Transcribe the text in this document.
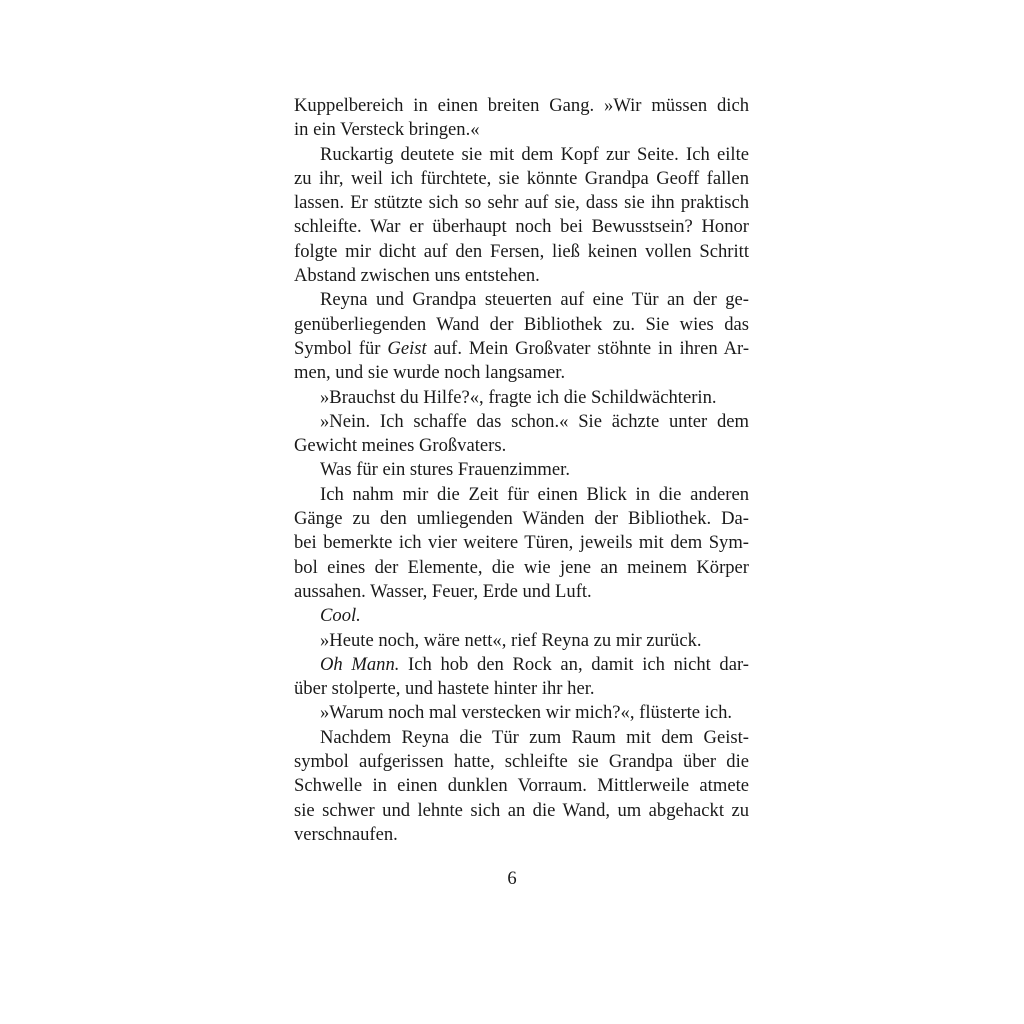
Kuppelbereich in einen breiten Gang. »Wir müssen dich
in ein Versteck bringen.«
Ruckartig deutete sie mit dem Kopf zur Seite. Ich eilte
zu ihr, weil ich fürchtete, sie könnte Grandpa Geoff fallen
lassen. Er stützte sich so sehr auf sie, dass sie ihn praktisch
schleifte. War er überhaupt noch bei Bewusstsein? Honor
folgte mir dicht auf den Fersen, ließ keinen vollen Schritt
Abstand zwischen uns entstehen.
Reyna und Grandpa steuerten auf eine Tür an der ge-
genüberliegenden Wand der Bibliothek zu. Sie wies das
Symbol für Geist auf. Mein Großvater stöhnte in ihren Ar-
men, und sie wurde noch langsamer.
»Brauchst du Hilfe?«, fragte ich die Schildwächterin.
»Nein. Ich schaffe das schon.« Sie ächzte unter dem
Gewicht meines Großvaters.
Was für ein stures Frauenzimmer.
Ich nahm mir die Zeit für einen Blick in die anderen
Gänge zu den umliegenden Wänden der Bibliothek. Da-
bei bemerkte ich vier weitere Türen, jeweils mit dem Sym-
bol eines der Elemente, die wie jene an meinem Körper
aussahen. Wasser, Feuer, Erde und Luft.
Cool.
»Heute noch, wäre nett«, rief Reyna zu mir zurück.
Oh Mann. Ich hob den Rock an, damit ich nicht dar-
über stolperte, und hastete hinter ihr her.
»Warum noch mal verstecken wir mich?«, flüsterte ich.
Nachdem Reyna die Tür zum Raum mit dem Geist-
symbol aufgerissen hatte, schleifte sie Grandpa über die
Schwelle in einen dunklen Vorraum. Mittlerweile atmete
sie schwer und lehnte sich an die Wand, um abgehackt zu
verschnaufen.
6
